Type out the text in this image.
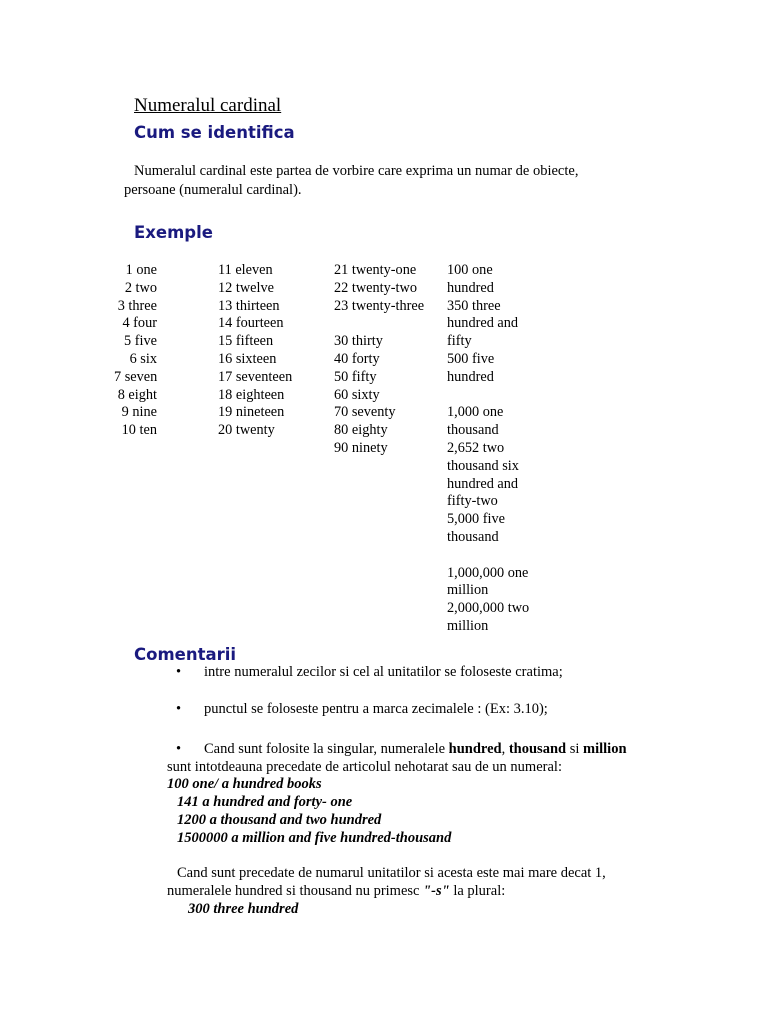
Numeralul cardinal
Cum se identifica
Numeralul cardinal este partea de vorbire care exprima un numar de obiecte,
persoane (numeralul cardinal).
Exemple
1 one
2 two
3 three
4 four
5 five
6 six
7 seven
8 eight
9 nine
10 ten
11 eleven
12 twelve
13 thirteen
14 fourteen
15 fifteen
16 sixteen
17 seventeen
18 eighteen
19 nineteen
20 twenty
21 twenty-one
22 twenty-two
23 twenty-three
30 thirty
40 forty
50 fifty
60 sixty
70 seventy
80 eighty
90 ninety
100 one
hundred
350 three
hundred and
fifty
500 five
hundred
1,000 one
thousand
2,652 two
thousand six
hundred and
fifty-two
5,000 five
thousand
1,000,000 one
million
2,000,000 two
million
Comentarii
• intre numeralul zecilor si cel al unitatilor se foloseste cratima;
• punctul se foloseste pentru a marca zecimalele : (Ex: 3.10);
• Cand sunt folosite la singular, numeralele hundred, thousand si million
sunt intotdeauna precedate de articolul nehotarat sau de un numeral:
100 one/ a hundred books
141 a hundred and forty- one
1200 a thousand and two hundred
1500000 a million and five hundred-thousand
Cand sunt precedate de numarul unitatilor si acesta este mai mare decat 1,
numeralele hundred si thousand nu primesc "-s" la plural:
300 three hundred
